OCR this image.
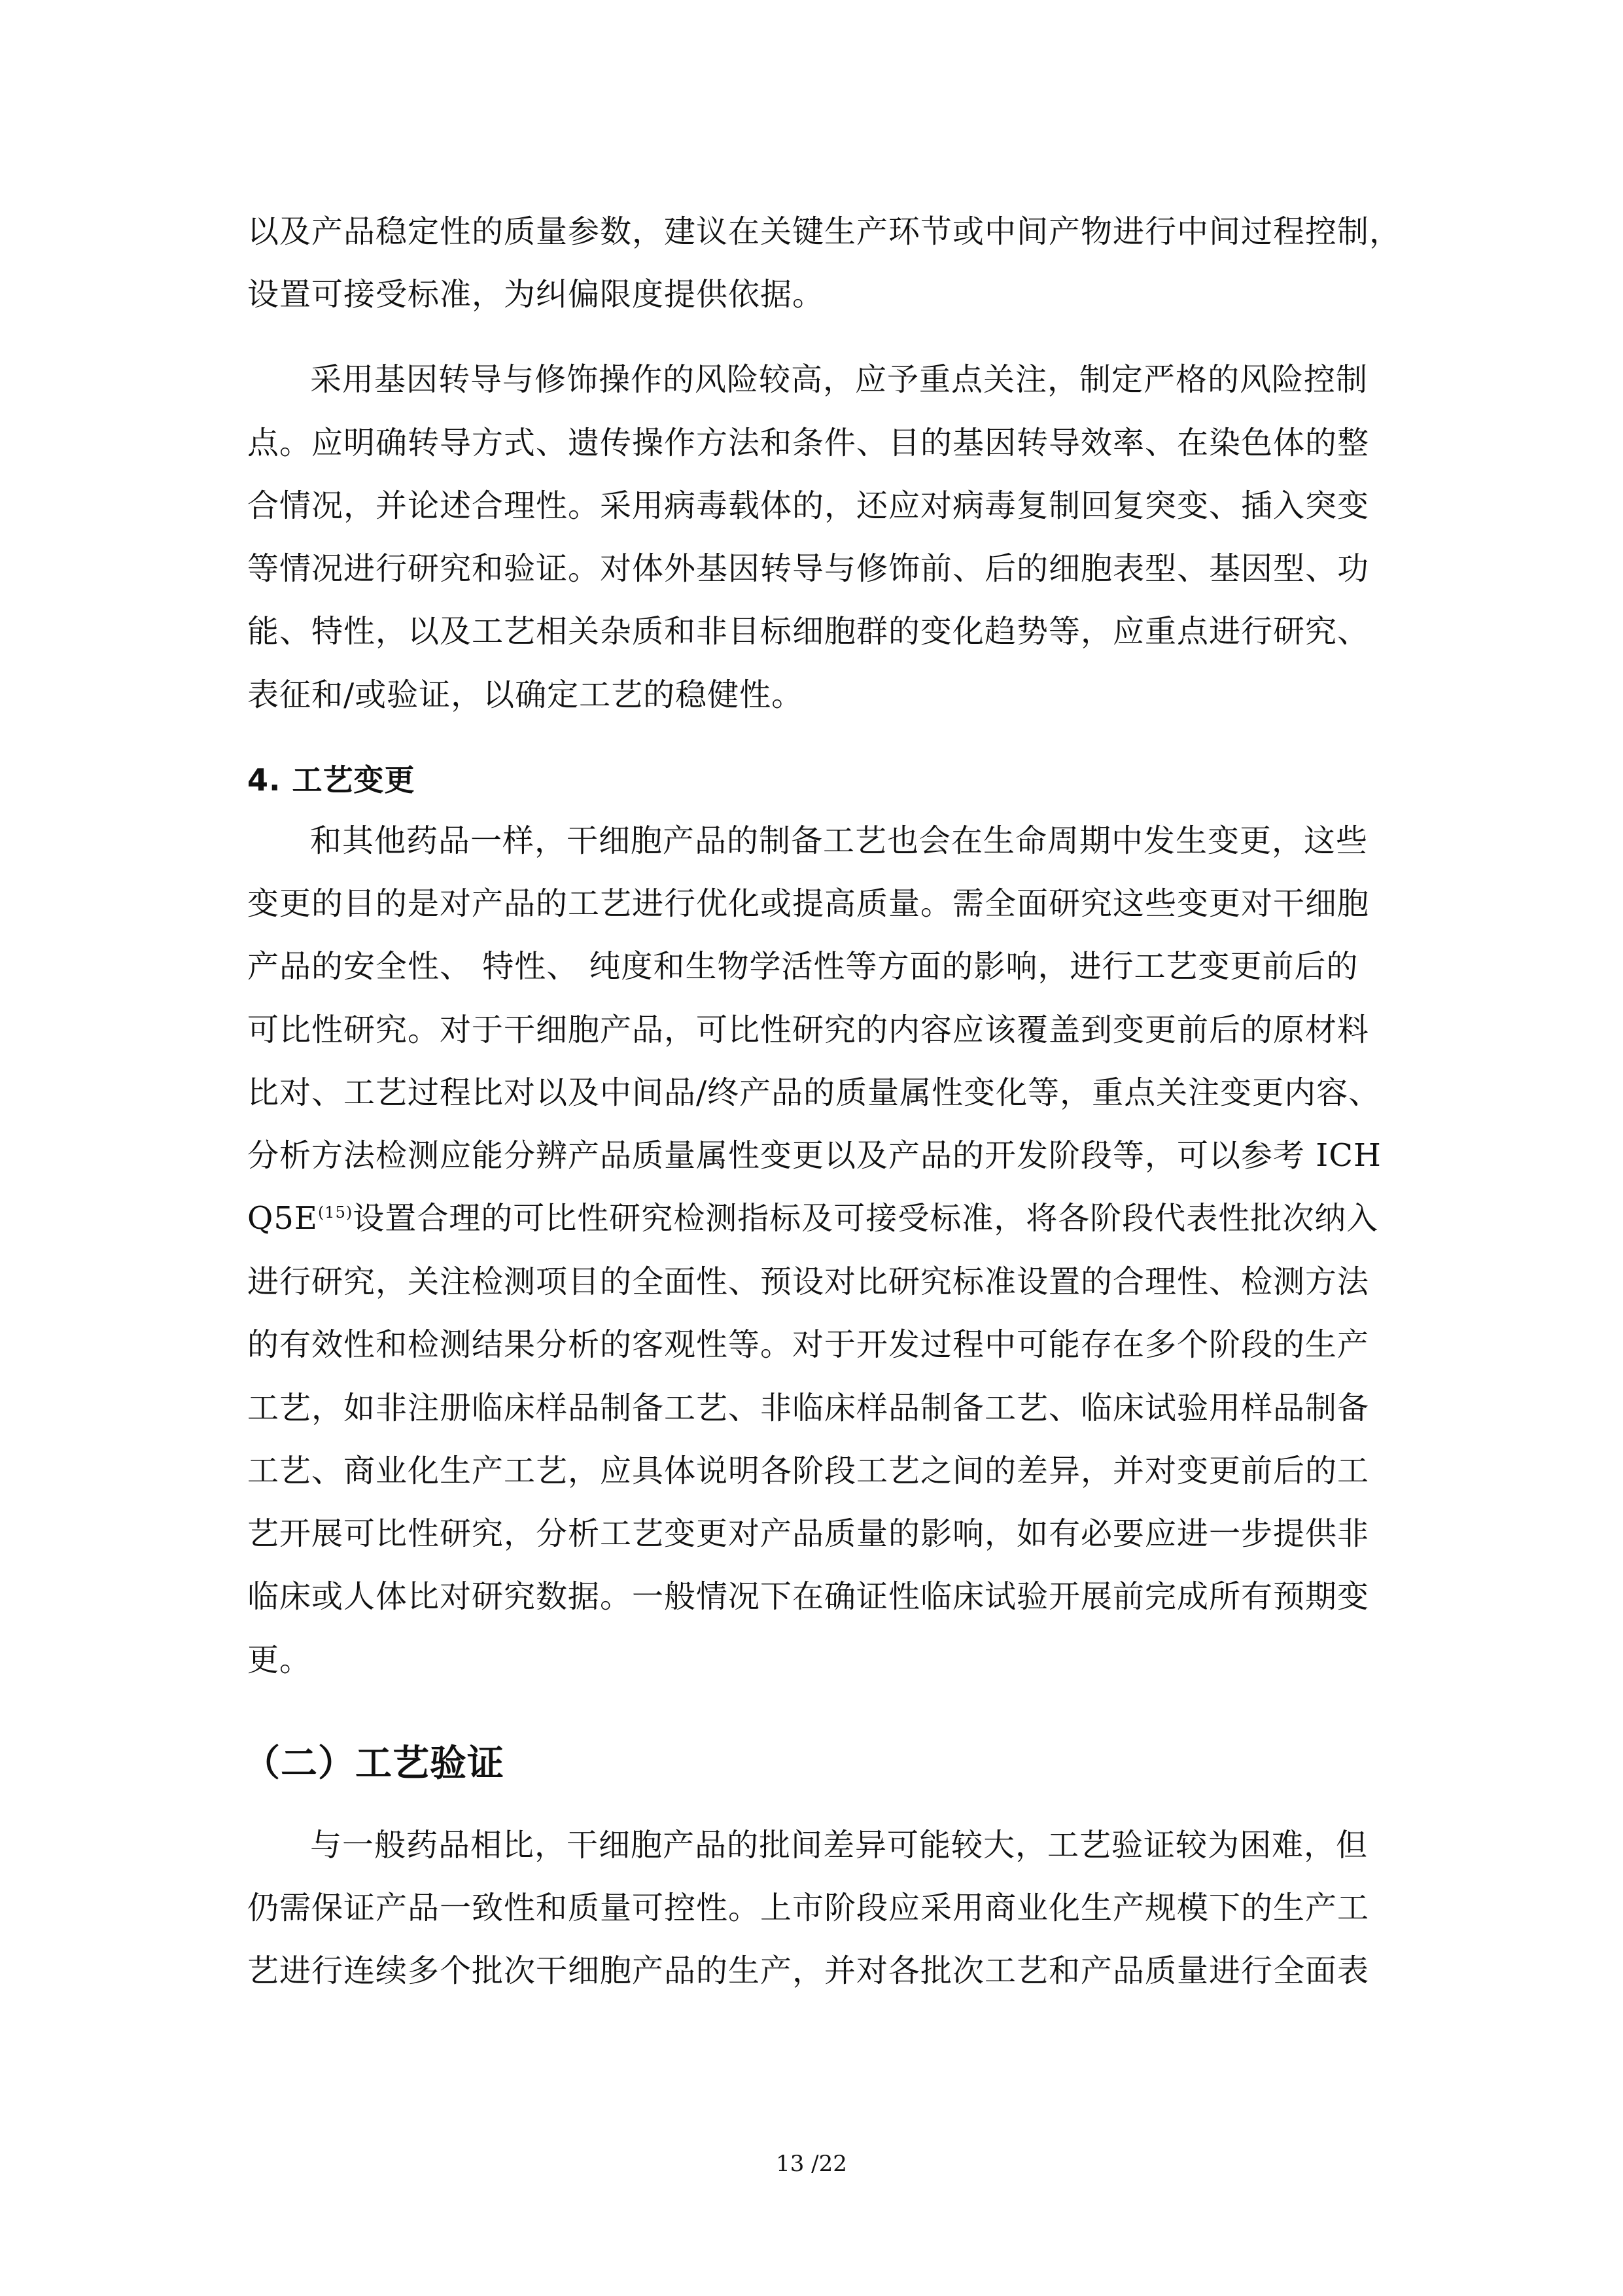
以及产品稳定性的质量参数，建议在关键生产环节或中间产物进行中间过程控制，
设置可接受标准，为纠偏限度提供依据。
采用基因转导与修饰操作的风险较高，应予重点关注，制定严格的风险控制
点。应明确转导方式、遗传操作方法和条件、目的基因转导效率、在染色体的整
合情况，并论述合理性。采用病毒载体的，还应对病毒复制回复突变、插入突变
等情况进行研究和验证。对体外基因转导与修饰前、后的细胞表型、基因型、功
能、特性，以及工艺相关杂质和非目标细胞群的变化趋势等，应重点进行研究、
表征和/或验证，以确定工艺的稳健性。
4. 工艺变更
和其他药品一样，干细胞产品的制备工艺也会在生命周期中发生变更，这些
变更的目的是对产品的工艺进行优化或提高质量。需全面研究这些变更对干细胞
产品的安全性、 特性、 纯度和生物学活性等方面的影响，进行工艺变更前后的
可比性研究。对于干细胞产品，可比性研究的内容应该覆盖到变更前后的原材料
比对、工艺过程比对以及中间品/终产品的质量属性变化等，重点关注变更内容、
分析方法检测应能分辨产品质量属性变更以及产品的开发阶段等，可以参考 ICH
Q5E$^{(15)}$设置合理的可比性研究检测指标及可接受标准，将各阶段代表性批次纳入
进行研究，关注检测项目的全面性、预设对比研究标准设置的合理性、检测方法
的有效性和检测结果分析的客观性等。对于开发过程中可能存在多个阶段的生产
工艺，如非注册临床样品制备工艺、非临床样品制备工艺、临床试验用样品制备
工艺、商业化生产工艺，应具体说明各阶段工艺之间的差异，并对变更前后的工
艺开展可比性研究，分析工艺变更对产品质量的影响，如有必要应进一步提供非
临床或人体比对研究数据。一般情况下在确证性临床试验开展前完成所有预期变
更。
（二）工艺验证
与一般药品相比，干细胞产品的批间差异可能较大，工艺验证较为困难，但
仍需保证产品一致性和质量可控性。上市阶段应采用商业化生产规模下的生产工
艺进行连续多个批次干细胞产品的生产，并对各批次工艺和产品质量进行全面表
13 /22
